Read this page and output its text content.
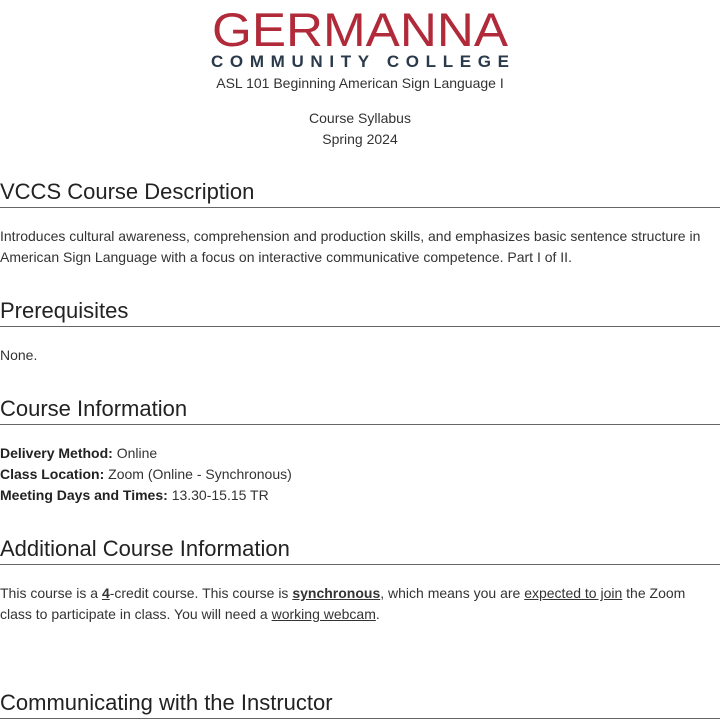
GERMANNA
COMMUNITY COLLEGE
ASL 101 Beginning American Sign Language I
Course Syllabus
Spring 2024
VCCS Course Description

Introduces cultural awareness, comprehension and production skills, and emphasizes basic sentence structure in American Sign Language with a focus on interactive communicative competence. Part I of II.

Prerequisites

None.

Course Information
Delivery Method: Online
Class Location: Zoom (Online - Synchronous)
Meeting Days and Times: 13.30-15.15 TR
Additional Course Information

This course is a 4-credit course. This course is synchronous, which means you are expected to join the Zoom class to participate in class. You will need a working webcam.

Communicating with the Instructor
